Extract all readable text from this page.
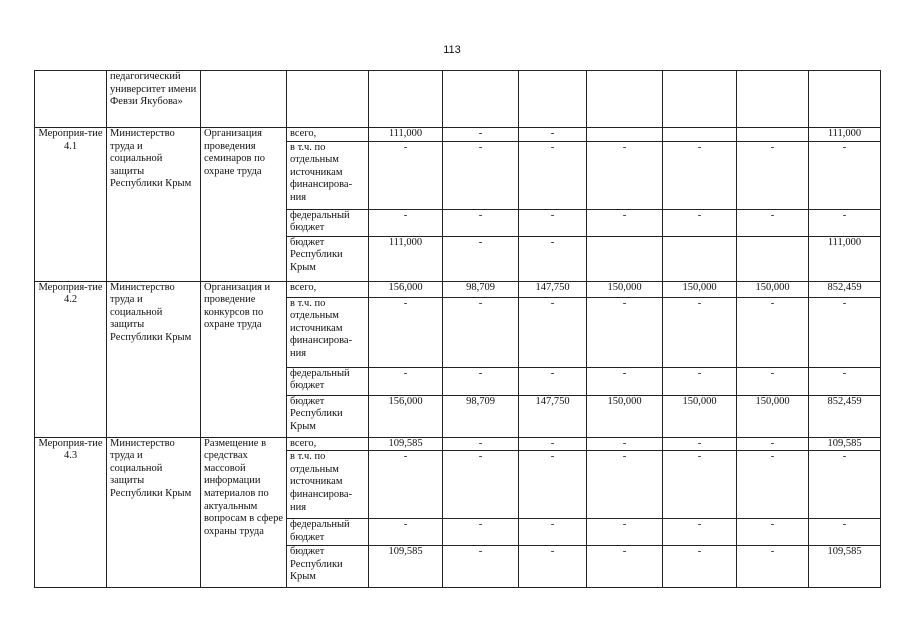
113
	педагогический университет имени Февзи Якубова»									
Мероприя-тие 4.1	Министерство труда и социальной защиты Республики Крым	Организация проведения семинаров по охране труда	всего,	111,000	-	-				111,000
			в т.ч. по отдельным источникам финансирова-ния	-	-	-	-	-	-	-
			федеральный бюджет	-	-	-	-	-	-	-
			бюджет Республики Крым	111,000	-	-				111,000
Мероприя-тие 4.2	Министерство труда и социальной защиты Республики Крым	Организация и проведение конкурсов по охране труда	всего,	156,000	98,709	147,750	150,000	150,000	150,000	852,459
			в т.ч. по отдельным источникам финансирова-ния	-	-	-	-	-	-	-
			федеральный бюджет	-	-	-	-	-	-	-
			бюджет Республики Крым	156,000	98,709	147,750	150,000	150,000	150,000	852,459
Мероприя-тие 4.3	Министерство труда и социальной защиты Республики Крым	Размещение в средствах массовой информации материалов по актуальным вопросам в сфере охраны труда	всего,	109,585	-	-	-	-	-	109,585
			в т.ч. по отдельным источникам финансирова-ния	-	-	-	-	-	-	-
			федеральный бюджет	-	-	-	-	-	-	-
			бюджет Республики Крым	109,585	-	-	-	-	-	109,585
